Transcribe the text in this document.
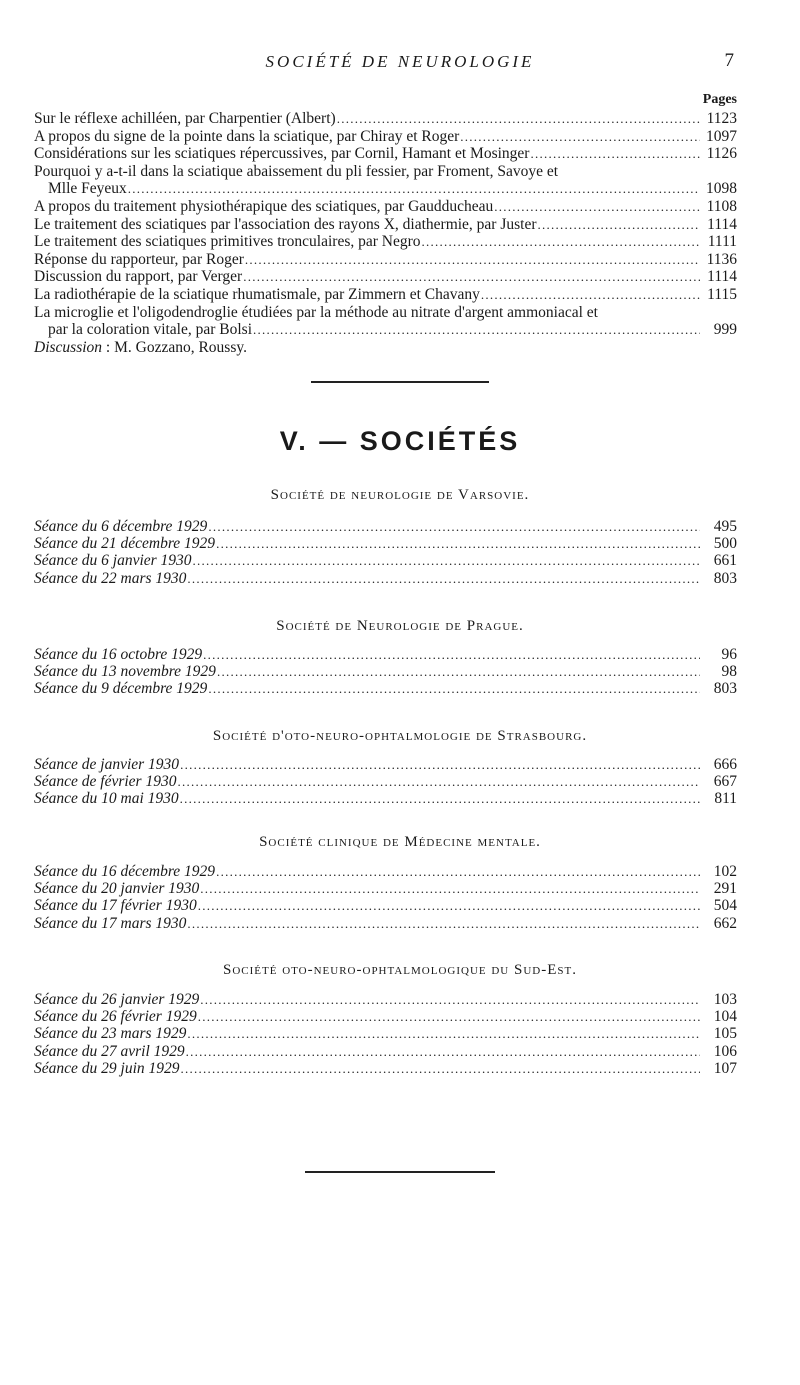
SOCIÉTÉ DE NEUROLOGIE	7
Pages
Sur le réflexe achilléen, par Charpentier (Albert) . . .	1123
A propos du signe de la pointe dans la sciatique, par Chiray et Roger . . .	1097
Considérations sur les sciatiques répercussives, par Cornil, Hamant et Mosinger . . .	1126
Pourquoi y a-t-il dans la sciatique abaissement du pli fessier, par Froment, Savoye et
Mlle Feyeux . . .	1098
A propos du traitement physiothérapique des sciatiques, par Gaudducheau . . .	1108
Le traitement des sciatiques par l'association des rayons X, diathermie, par Juster . . .	1114
Le traitement des sciatiques primitives tronculaires, par Negro . . .	1111
Réponse du rapporteur, par Roger . . .	1136
Discussion du rapport, par Verger . . .	1114
La radiothérapie de la sciatique rhumatismale, par Zimmern et Chavany . . .	1115
La microglie et l'oligodendroglie étudiées par la méthode au nitrate d'argent ammoniacal et
par la coloration vitale, par Bolsi . . .	999
Discussion : M. Gozzano, Roussy.
V. — SOCIÉTÉS
Société de neurologie de Varsovie.
Séance du 6 décembre 1929 . . .	495
Séance du 21 décembre 1929 . . .	500
Séance du 6 janvier 1930 . . .	661
Séance du 22 mars 1930 . . .	803
Société de Neurologie de Prague.
Séance du 16 octobre 1929 . . .	96
Séance du 13 novembre 1929 . . .	98
Séance du 9 décembre 1929 . . .	803
Société d'oto-neuro-ophtalmologie de Strasbourg.
Séance de janvier 1930 . . .	666
Séance de février 1930 . . .	667
Séance du 10 mai 1930 . . .	811
Société clinique de Médecine mentale.
Séance du 16 décembre 1929 . . .	102
Séance du 20 janvier 1930 . . .	291
Séance du 17 février 1930 . . .	504
Séance du 17 mars 1930 . . .	662
Société oto-neuro-ophtalmologique du Sud-Est.
Séance du 26 janvier 1929 . . .	103
Séance du 26 février 1929 . . .	104
Séance du 23 mars 1929 . . .	105
Séance du 27 avril 1929 . . .	106
Séance du 29 juin 1929 . . .	107
